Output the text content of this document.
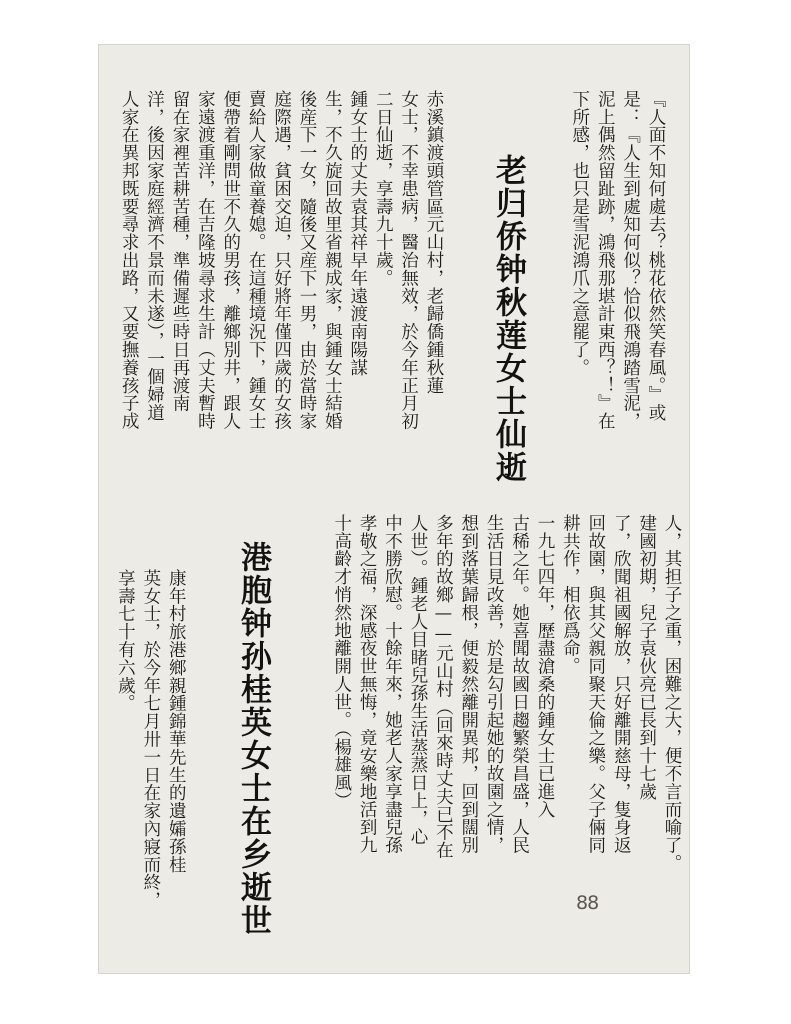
『人面不知何處去？桃花依然笑春風。』或
是：『人生到處知何似？恰似飛鴻踏雪泥，
泥上偶然留趾跡，鴻飛那堪計東西？！』在
下所感，也只是雪泥鴻爪之意罷了。
老归侨钟秋莲女士仙逝
赤溪鎮渡頭管區元山村，老歸僑鍾秋蓮
女士，不幸患病，醫治無效，於今年正月初
二日仙逝，享壽九十歲。
鍾女士的丈夫袁其祥早年遠渡南陽謀
生，不久旋回故里省親成家，與鍾女士結婚
後産下一女，隨後又産下一男，由於當時家
庭際遇，貧困交迫，只好將年僅四歲的女孩
賣給人家做童養媳。在這種境況下，鍾女士
便帶着剛問世不久的男孩，離鄉別井，跟人
家遠渡重洋，在吉隆坡尋求生計（丈夫暫時
留在家裡苦耕苦種，準備遲些時日再渡南
洋，後因家庭經濟不景而未遂），一個婦道
人家在異邦既要尋求出路，又要撫養孩子成
人，其担子之重，困難之大，便不言而喻了。
建國初期，兒子袁伙亮已長到十七歲
了，欣聞祖國解放，只好離開慈母，隻身返
回故園，與其父親同聚天倫之樂。父子倆同
耕共作，相依爲命。
一九七四年，歷盡滄桑的鍾女士已進入
古稀之年。她喜聞故國日趨繁榮昌盛，人民
生活日見改善，於是勾引起她的故園之情，
想到落葉歸根，便毅然離開異邦，回到闊別
多年的故鄉——元山村（回來時丈夫已不在
人世）。鍾老人目睹兒孫生活蒸蒸日上，心
中不勝欣慰。十餘年來，她老人家享盡兒孫
孝敬之福，深感夜世無悔，竟安樂地活到九
十高齡才悄然地離開人世。（楊雄風）
港胞钟孙桂英女士在乡逝世
康年村旅港鄉親鍾錦華先生的遺孀孫桂
英女士，於今年七月卅一日在家內寢而終，
享壽七十有六歲。
88
